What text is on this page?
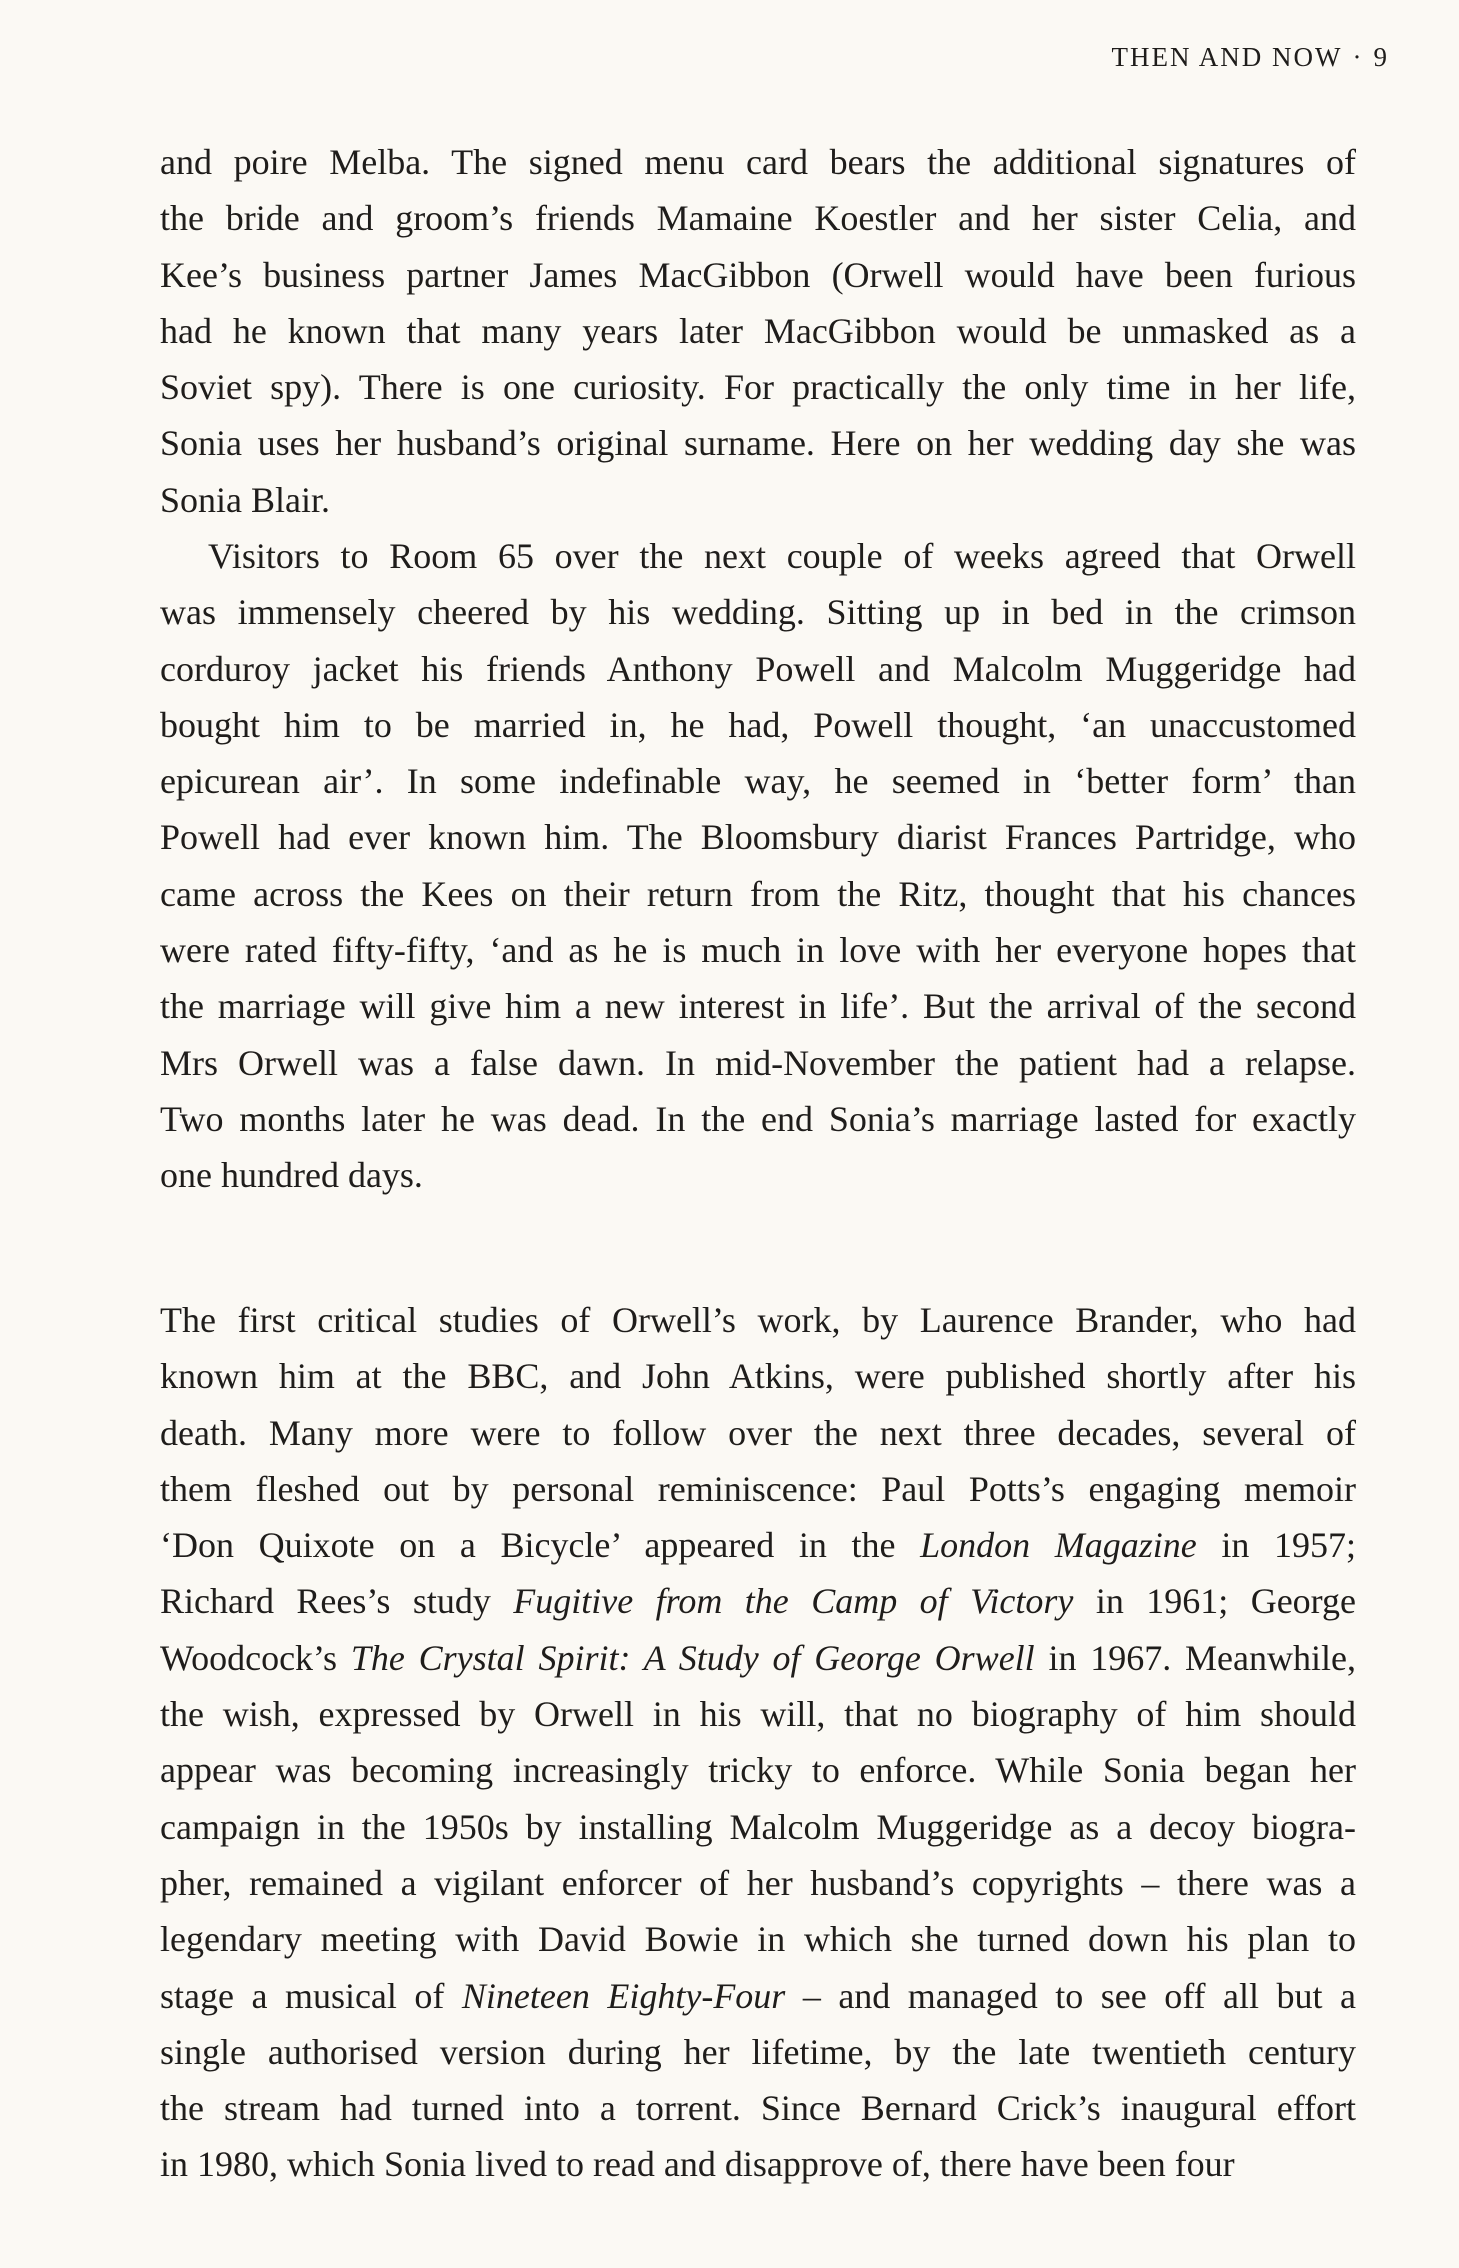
THEN AND NOW · 9
and poire Melba. The signed menu card bears the additional signatures of
the bride and groom’s friends Mamaine Koestler and her sister Celia, and
Kee’s business partner James MacGibbon (Orwell would have been furious
had he known that many years later MacGibbon would be unmasked as a
Soviet spy). There is one curiosity. For practically the only time in her life,
Sonia uses her husband’s original surname. Here on her wedding day she was
Sonia Blair.
Visitors to Room 65 over the next couple of weeks agreed that Orwell
was immensely cheered by his wedding. Sitting up in bed in the crimson
corduroy jacket his friends Anthony Powell and Malcolm Muggeridge had
bought him to be married in, he had, Powell thought, ‘an unaccustomed
epicurean air’. In some indefinable way, he seemed in ‘better form’ than
Powell had ever known him. The Bloomsbury diarist Frances Partridge, who
came across the Kees on their return from the Ritz, thought that his chances
were rated fifty-fifty, ‘and as he is much in love with her everyone hopes that
the marriage will give him a new interest in life’. But the arrival of the second
Mrs Orwell was a false dawn. In mid-November the patient had a relapse.
Two months later he was dead. In the end Sonia’s marriage lasted for exactly
one hundred days.
The first critical studies of Orwell’s work, by Laurence Brander, who had
known him at the BBC, and John Atkins, were published shortly after his
death. Many more were to follow over the next three decades, several of
them fleshed out by personal reminiscence: Paul Potts’s engaging memoir
‘Don Quixote on a Bicycle’ appeared in the London Magazine in 1957;
Richard Rees’s study Fugitive from the Camp of Victory in 1961; George
Woodcock’s The Crystal Spirit: A Study of George Orwell in 1967. Meanwhile,
the wish, expressed by Orwell in his will, that no biography of him should
appear was becoming increasingly tricky to enforce. While Sonia began her
campaign in the 1950s by installing Malcolm Muggeridge as a decoy biogra-
pher, remained a vigilant enforcer of her husband’s copyrights – there was a
legendary meeting with David Bowie in which she turned down his plan to
stage a musical of Nineteen Eighty-Four – and managed to see off all but a
single authorised version during her lifetime, by the late twentieth century
the stream had turned into a torrent. Since Bernard Crick’s inaugural effort
in 1980, which Sonia lived to read and disapprove of, there have been four
